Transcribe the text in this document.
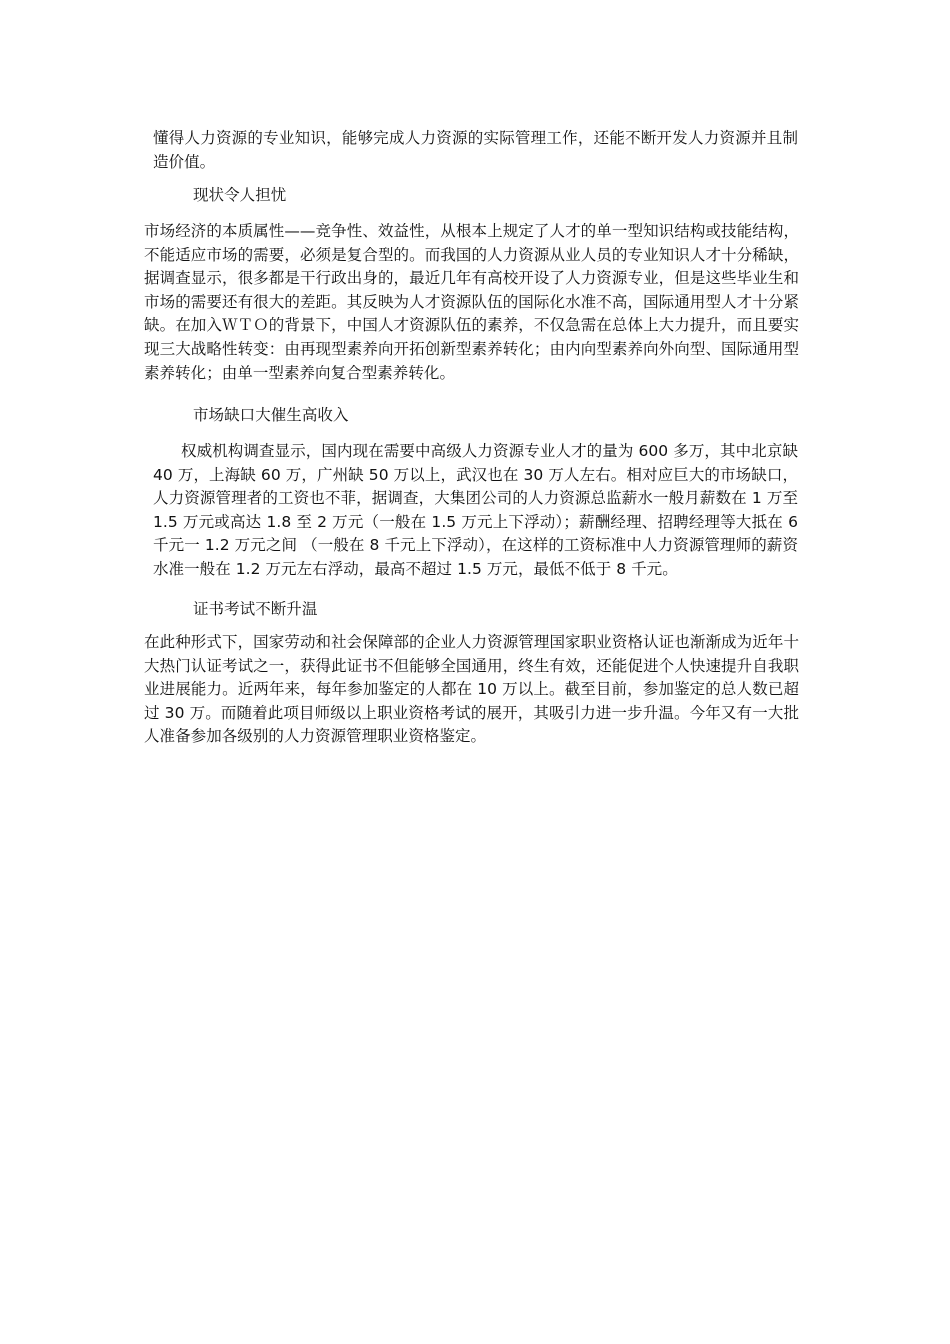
懂得人力资源的专业知识，能够完成人力资源的实际管理工作，还能不断开发人力资源并且制造价值。

现状令人担忧

市场经济的本质属性——竞争性、效益性，从根本上规定了人才的单一型知识结构或技能结构，不能适应市场的需要，必须是复合型的。而我国的人力资源从业人员的专业知识人才十分稀缺，据调查显示，很多都是干行政出身的，最近几年有高校开设了人力资源专业，但是这些毕业生和市场的需要还有很大的差距。其反映为人才资源队伍的国际化水准不高，国际通用型人才十分紧缺。在加入ＷＴＯ的背景下，中国人才资源队伍的素养，不仅急需在总体上大力提升，而且要实现三大战略性转变：由再现型素养向开拓创新型素养转化；由内向型素养向外向型、国际通用型素养转化；由单一型素养向复合型素养转化。

市场缺口大催生高收入

权威机构调查显示，国内现在需要中高级人力资源专业人才的量为 600 多万，其中北京缺 40 万，上海缺 60 万，广州缺 50 万以上，武汉也在 30 万人左右。相对应巨大的市场缺口，人力资源管理者的工资也不菲，据调查，大集团公司的人力资源总监薪水一般月薪数在 1 万至 1.5 万元或高达 1.8 至 2 万元（一般在 1.5 万元上下浮动）；薪酬经理、招聘经理等大抵在 6 千元一 1.2 万元之间 （一般在 8 千元上下浮动），在这样的工资标准中人力资源管理师的薪资水准一般在 1.2 万元左右浮动，最高不超过 1.5 万元，最低不低于 8 千元。

证书考试不断升温

在此种形式下，国家劳动和社会保障部的企业人力资源管理国家职业资格认证也渐渐成为近年十大热门认证考试之一，获得此证书不但能够全国通用，终生有效，还能促进个人快速提升自我职业进展能力。近两年来，每年参加鉴定的人都在 10 万以上。截至目前，参加鉴定的总人数已超过 30 万。而随着此项目师级以上职业资格考试的展开，其吸引力进一步升温。今年又有一大批人准备参加各级别的人力资源管理职业资格鉴定。
